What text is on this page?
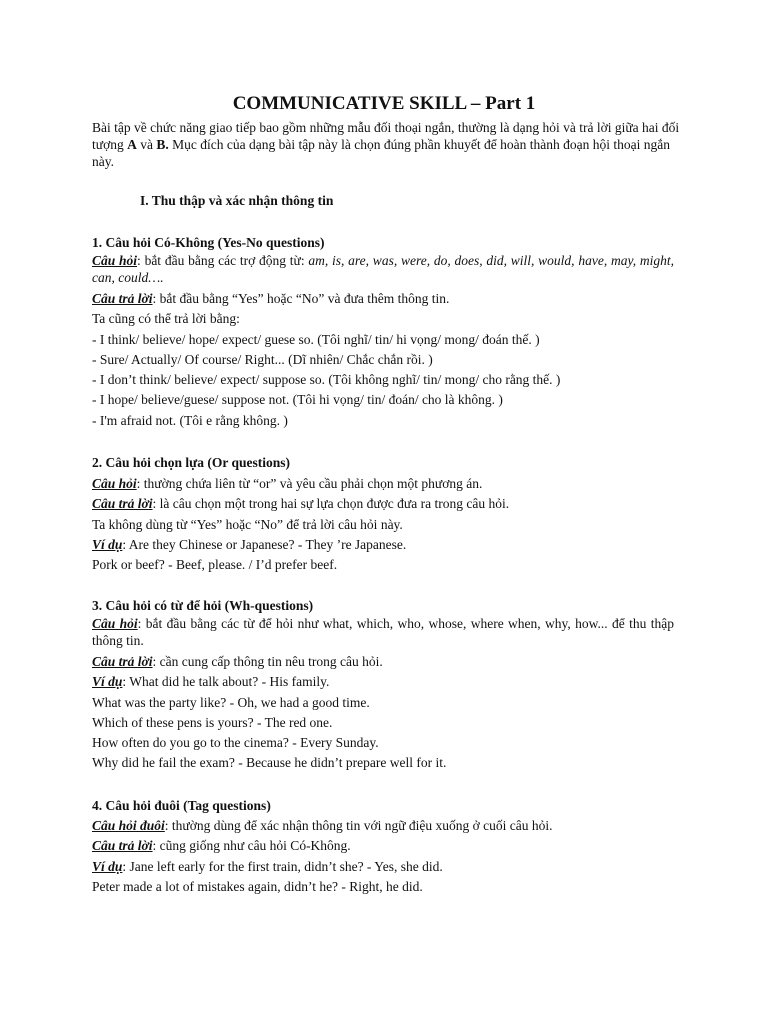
COMMUNICATIVE SKILL – Part 1

Bài tập về chức năng giao tiếp bao gồm những mẫu đối thoại ngắn, thường là dạng hỏi và trả lời giữa hai đối tượng A và B. Mục đích của dạng bài tập này là chọn đúng phần khuyết để hoàn thành đoạn hội thoại ngắn này.

I. Thu thập và xác nhận thông tin
1. Câu hỏi Có-Không (Yes-No questions)

Câu hỏi: bắt đầu bằng các trợ động từ: am, is, are, was, were, do, does, did, will, would, have, may, might, can, could….

Câu trả lời: bắt đầu bằng “Yes” hoặc “No” và đưa thêm thông tin.

Ta cũng có thể trả lời bằng:

- I think/ believe/ hope/ expect/ guese so. (Tôi nghĩ/ tin/ hi vọng/ mong/ đoán thế. )

- Sure/ Actually/ Of course/ Right... (Dĩ nhiên/ Chắc chắn rồi. )

- I don’t think/ believe/ expect/ suppose so. (Tôi không nghĩ/ tin/ mong/ cho rằng thế. )

- I hope/ believe/guese/ suppose not. (Tôi hi vọng/ tin/ đoán/ cho là không. )

- I'm afraid not. (Tôi e rằng không. )

2. Câu hỏi chọn lựa (Or questions)

Câu hỏi: thường chứa liên từ “or” và yêu cầu phải chọn một phương án.

Câu trả lời: là câu chọn một trong hai sự lựa chọn được đưa ra trong câu hỏi.

Ta không dùng từ “Yes” hoặc “No” để trả lời câu hỏi này.

Ví dụ: Are they Chinese or Japanese? - They ’re Japanese.

Pork or beef? - Beef, please. / I’d prefer beef.

3. Câu hỏi có từ để hỏi (Wh-questions)

Câu hỏi: bắt đầu bằng các từ để hỏi như what, which, who, whose, where when, why, how... để thu thập thông tin.

Câu trả lời: cần cung cấp thông tin nêu trong câu hỏi.

Ví dụ: What did he talk about? - His family.

What was the party like? - Oh, we had a good time.

Which of these pens is yours? - The red one.

How often do you go to the cinema? - Every Sunday.

Why did he fail the exam? - Because he didn’t prepare well for it.

4. Câu hỏi đuôi (Tag questions)

Câu hỏi đuôi: thường dùng để xác nhận thông tin với ngữ điệu xuống ở cuối câu hỏi.

Câu trả lời: cũng giống như câu hỏi Có-Không.

Ví dụ: Jane left early for the first train, didn’t she? - Yes, she did.

Peter made a lot of mistakes again, didn’t he? - Right, he did.
